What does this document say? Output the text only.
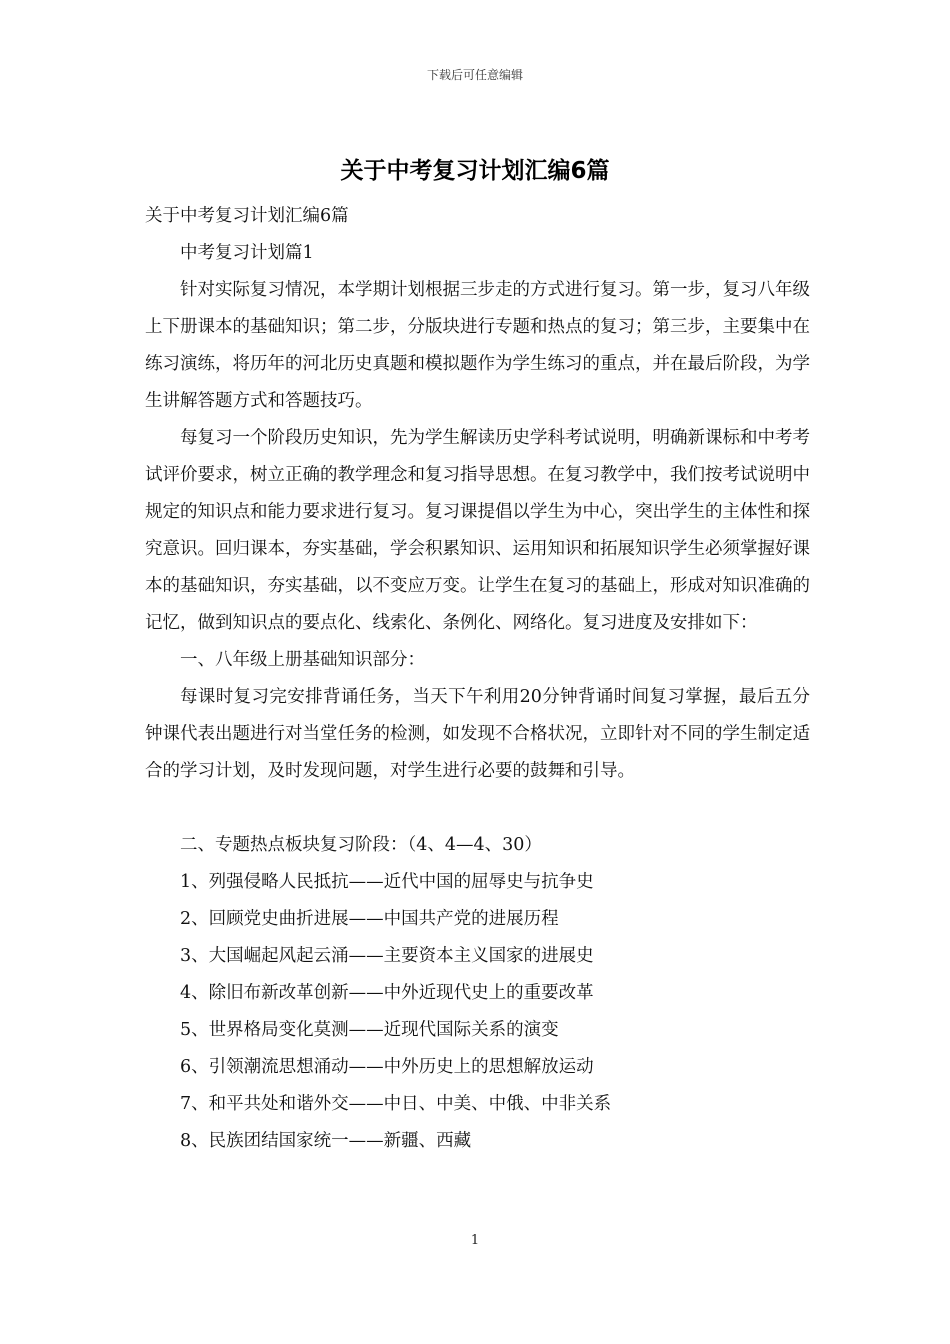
下载后可任意编辑
关于中考复习计划汇编6篇

关于中考复习计划汇编6篇

中考复习计划篇1

针对实际复习情况，本学期计划根据三步走的方式进行复习。第一步，复习八年级上下册课本的基础知识；第二步，分版块进行专题和热点的复习；第三步，主要集中在练习演练，将历年的河北历史真题和模拟题作为学生练习的重点，并在最后阶段，为学生讲解答题方式和答题技巧。

每复习一个阶段历史知识，先为学生解读历史学科考试说明，明确新课标和中考考试评价要求，树立正确的教学理念和复习指导思想。在复习教学中，我们按考试说明中规定的知识点和能力要求进行复习。复习课提倡以学生为中心，突出学生的主体性和探究意识。回归课本，夯实基础，学会积累知识、运用知识和拓展知识学生必须掌握好课本的基础知识，夯实基础，以不变应万变。让学生在复习的基础上，形成对知识准确的记忆，做到知识点的要点化、线索化、条例化、网络化。复习进度及安排如下：

一、八年级上册基础知识部分：

每课时复习完安排背诵任务，当天下午利用20分钟背诵时间复习掌握，最后五分钟课代表出题进行对当堂任务的检测，如发现不合格状况，立即针对不同的学生制定适合的学习计划，及时发现问题，对学生进行必要的鼓舞和引导。

二、专题热点板块复习阶段：（4、4—4、30）

1、列强侵略人民抵抗——近代中国的屈辱史与抗争史

2、回顾党史曲折进展——中国共产党的进展历程

3、大国崛起风起云涌——主要资本主义国家的进展史

4、除旧布新改革创新——中外近现代史上的重要改革

5、世界格局变化莫测——近现代国际关系的演变

6、引领潮流思想涌动——中外历史上的思想解放运动

7、和平共处和谐外交——中日、中美、中俄、中非关系

8、民族团结国家统一——新疆、西藏

1
